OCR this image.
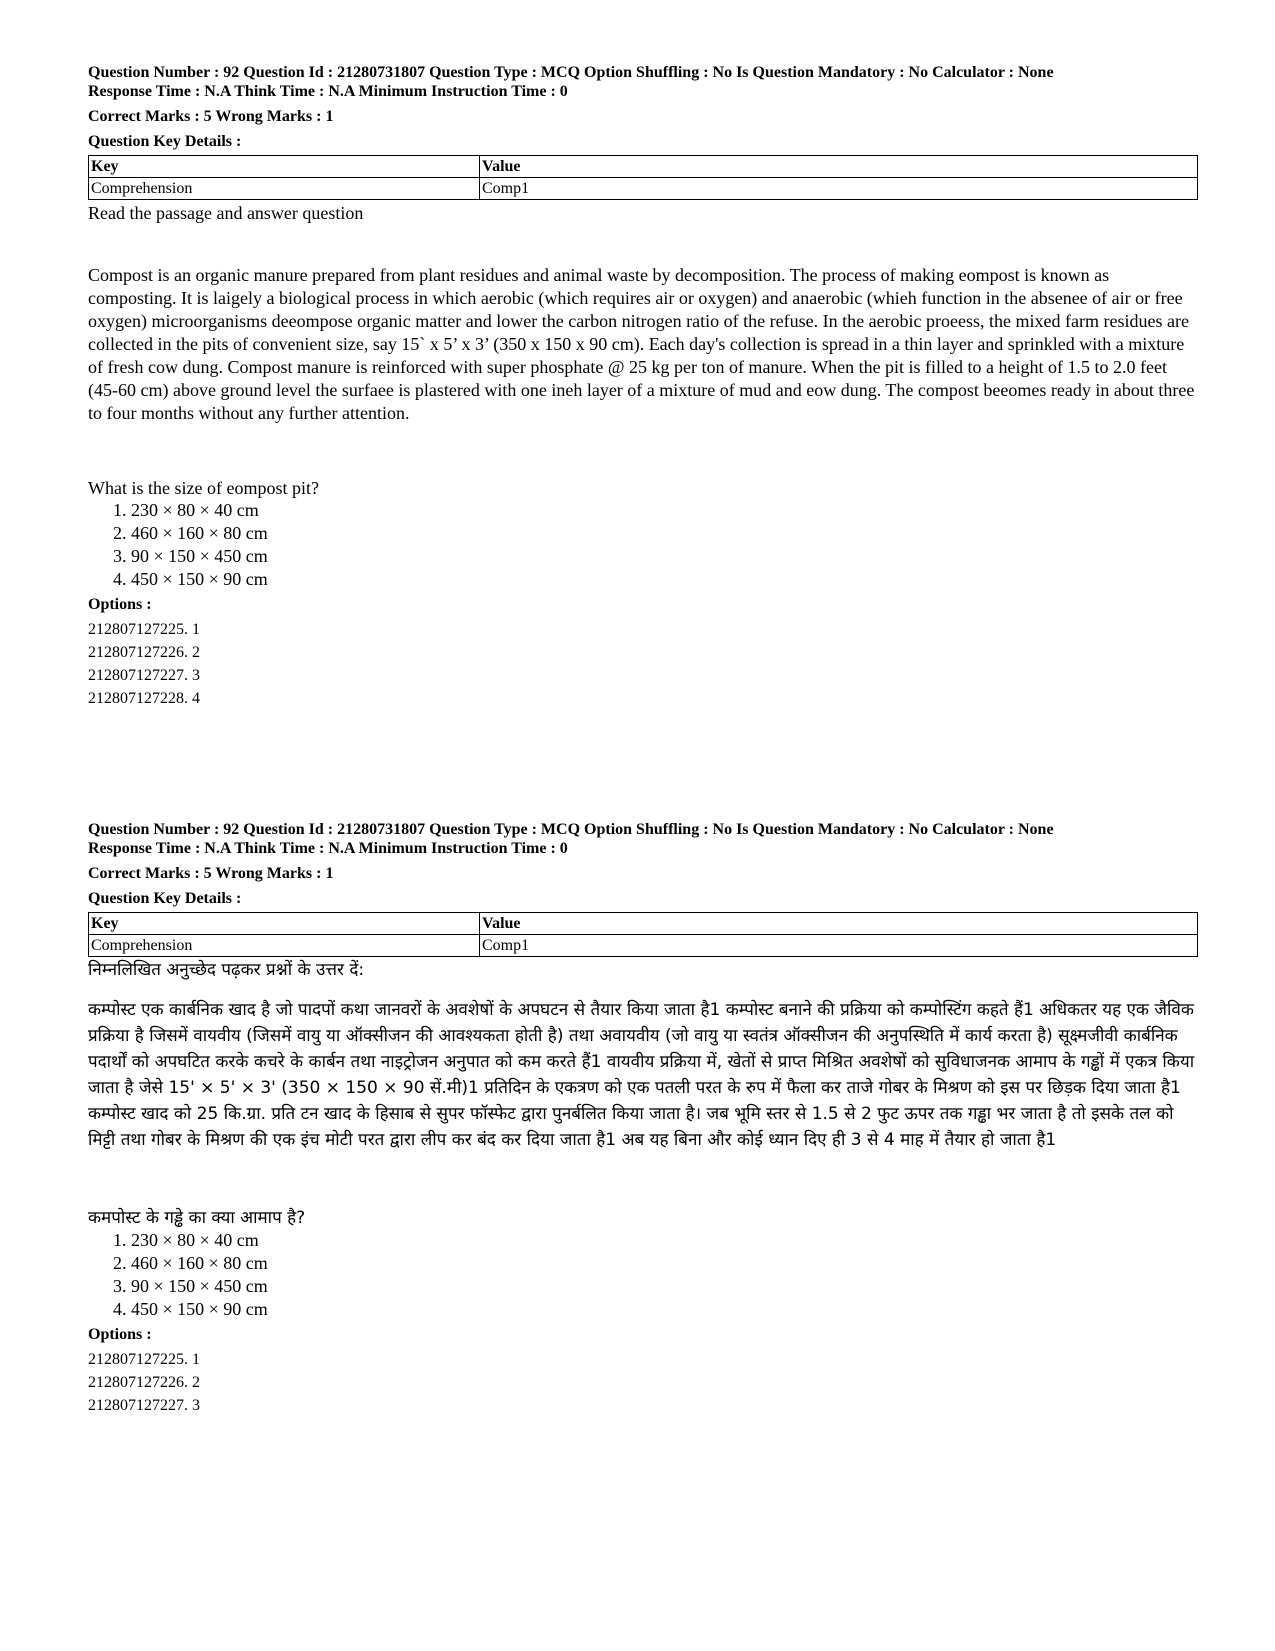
Question Number : 92 Question Id : 21280731807 Question Type : MCQ Option Shuffling : No Is Question Mandatory : No Calculator : None

Response Time : N.A Think Time : N.A Minimum Instruction Time : 0

Correct Marks : 5 Wrong Marks : 1

Question Key Details :

Key	Value
Comprehension	Comp1

Read the passage and answer question

Compost is an organic manure prepared from plant residues and animal waste by decomposition. The process of making eompost is known as composting. It is laigely a biological process in which aerobic (which requires air or oxygen) and anaerobic (whieh function in the absenee of air or free oxygen) microorganisms deeompose organic matter and lower the carbon nitrogen ratio of the refuse. In the aerobic proeess, the mixed farm residues are collected in the pits of convenient size, say 15` x 5’ x 3’ (350 x 150 x 90 cm). Each day's collection is spread in a thin layer and sprinkled with a mixture of fresh cow dung. Compost manure is reinforced with super phosphate @ 25 kg per ton of manure. When the pit is filled to a height of 1.5 to 2.0 feet (45-60 cm) above ground level the surfaee is plastered with one ineh layer of a mixture of mud and eow dung. The compost beeomes ready in about three to four months without any further attention.

What is the size of eompost pit?

1. 230 × 80 × 40 cm
2. 460 × 160 × 80 cm
3. 90 × 150 × 450 cm
4. 450 × 150 × 90 cm

Options :

212807127225. 1

212807127226. 2

212807127227. 3

212807127228. 4

Question Number : 92 Question Id : 21280731807 Question Type : MCQ Option Shuffling : No Is Question Mandatory : No Calculator : None

Response Time : N.A Think Time : N.A Minimum Instruction Time : 0

Correct Marks : 5 Wrong Marks : 1

Question Key Details :

Key	Value
Comprehension	Comp1

निम्नलिखित अनुच्छेद पढ़कर प्रश्नों के उत्तर दें:

कम्पोस्ट एक कार्बनिक खाद है जो पादपों कथा जानवरों के अवशेषों के अपघटन से तैयार किया जाता है1 कम्पोस्ट बनाने की प्रक्रिया को कम्पोस्टिंग कहते हैं1 अधिकतर यह एक जैविक प्रक्रिया है जिसमें वायवीय (जिसमें वायु या ऑक्सीजन की आवश्यकता होती है) तथा अवायवीय (जो वायु या स्वतंत्र ऑक्सीजन की अनुपस्थिति में कार्य करता है) सूक्ष्मजीवी कार्बनिक पदार्थों को अपघटित करके कचरे के कार्बन तथा नाइट्रोजन अनुपात को कम करते हैं1 वायवीय प्रक्रिया में, खेतों से प्राप्त मिश्रित अवशेषों को सुविधाजनक आमाप के गड्ढों में एकत्र किया जाता है जेसे 15' × 5' × 3' (350 × 150 × 90 सें.मी)1 प्रतिदिन के एकत्रण को एक पतली परत के रुप में फैला कर ताजे गोबर के मिश्रण को इस पर छिड़क दिया जाता है1 कम्पोस्ट खाद को 25 कि.ग्रा. प्रति टन खाद के हिसाब से सुपर फॉस्फेट द्वारा पुनर्बलित किया जाता है। जब भूमि स्तर से 1.5 से 2 फुट ऊपर तक गड्ढा भर जाता है तो इसके तल को मिट्टी तथा गोबर के मिश्रण की एक इंच मोटी परत द्वारा लीप कर बंद कर दिया जाता है1 अब यह बिना और कोई ध्यान दिए ही 3 से 4 माह में तैयार हो जाता है1

कमपोस्ट के गड्ढे का क्या आमाप है?

1. 230 × 80 × 40 cm
2. 460 × 160 × 80 cm
3. 90 × 150 × 450 cm
4. 450 × 150 × 90 cm

Options :

212807127225. 1

212807127226. 2

212807127227. 3
